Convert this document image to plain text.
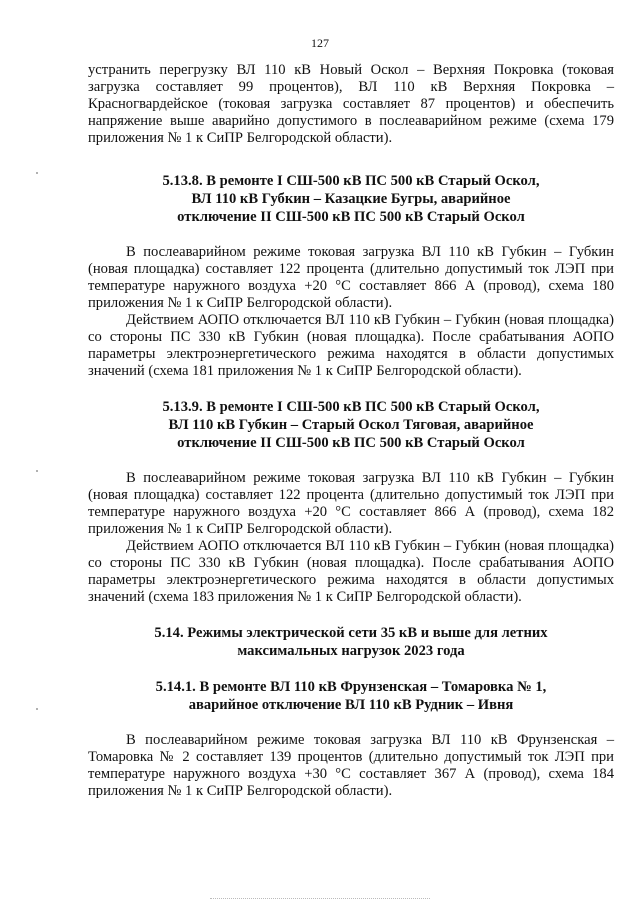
127

устранить перегрузку ВЛ 110 кВ Новый Оскол – Верхняя Покровка (токовая загрузка составляет 99 процентов), ВЛ 110 кВ Верхняя Покровка – Красногвардейское (токовая загрузка составляет 87 процентов) и обеспечить напряжение выше аварийно допустимого в послеаварийном режиме (схема 179 приложения № 1 к СиПР Белгородской области).

5.13.8. В ремонте I СШ-500 кВ ПС 500 кВ Старый Оскол,
ВЛ 110 кВ Губкин – Казацкие Бугры, аварийное
отключение II СШ-500 кВ ПС 500 кВ Старый Оскол

В послеаварийном режиме токовая загрузка ВЛ 110 кВ Губкин – Губкин (новая площадка) составляет 122 процента (длительно допустимый ток ЛЭП при температуре наружного воздуха +20 °С составляет 866 А (провод), схема 180 приложения № 1 к СиПР Белгородской области).

Действием АОПО отключается ВЛ 110 кВ Губкин – Губкин (новая площадка) со стороны ПС 330 кВ Губкин (новая площадка). После срабатывания АОПО параметры электроэнергетического режима находятся в области допустимых значений (схема 181 приложения № 1 к СиПР Белгородской области).

5.13.9. В ремонте I СШ-500 кВ ПС 500 кВ Старый Оскол,
ВЛ 110 кВ Губкин – Старый Оскол Тяговая, аварийное
отключение II СШ-500 кВ ПС 500 кВ Старый Оскол

В послеаварийном режиме токовая загрузка ВЛ 110 кВ Губкин – Губкин (новая площадка) составляет 122 процента (длительно допустимый ток ЛЭП при температуре наружного воздуха +20 °С составляет 866 А (провод), схема 182 приложения № 1 к СиПР Белгородской области).

Действием АОПО отключается ВЛ 110 кВ Губкин – Губкин (новая площадка) со стороны ПС 330 кВ Губкин (новая площадка). После срабатывания АОПО параметры электроэнергетического режима находятся в области допустимых значений (схема 183 приложения № 1 к СиПР Белгородской области).

5.14. Режимы электрической сети 35 кВ и выше для летних
максимальных нагрузок 2023 года
5.14.1. В ремонте ВЛ 110 кВ Фрунзенская – Томаровка № 1,
аварийное отключение ВЛ 110 кВ Рудник – Ивня

В послеаварийном режиме токовая загрузка ВЛ 110 кВ Фрунзенская – Томаровка № 2 составляет 139 процентов (длительно допустимый ток ЛЭП при температуре наружного воздуха +30 °С составляет 367 А (провод), схема 184 приложения № 1 к СиПР Белгородской области).
